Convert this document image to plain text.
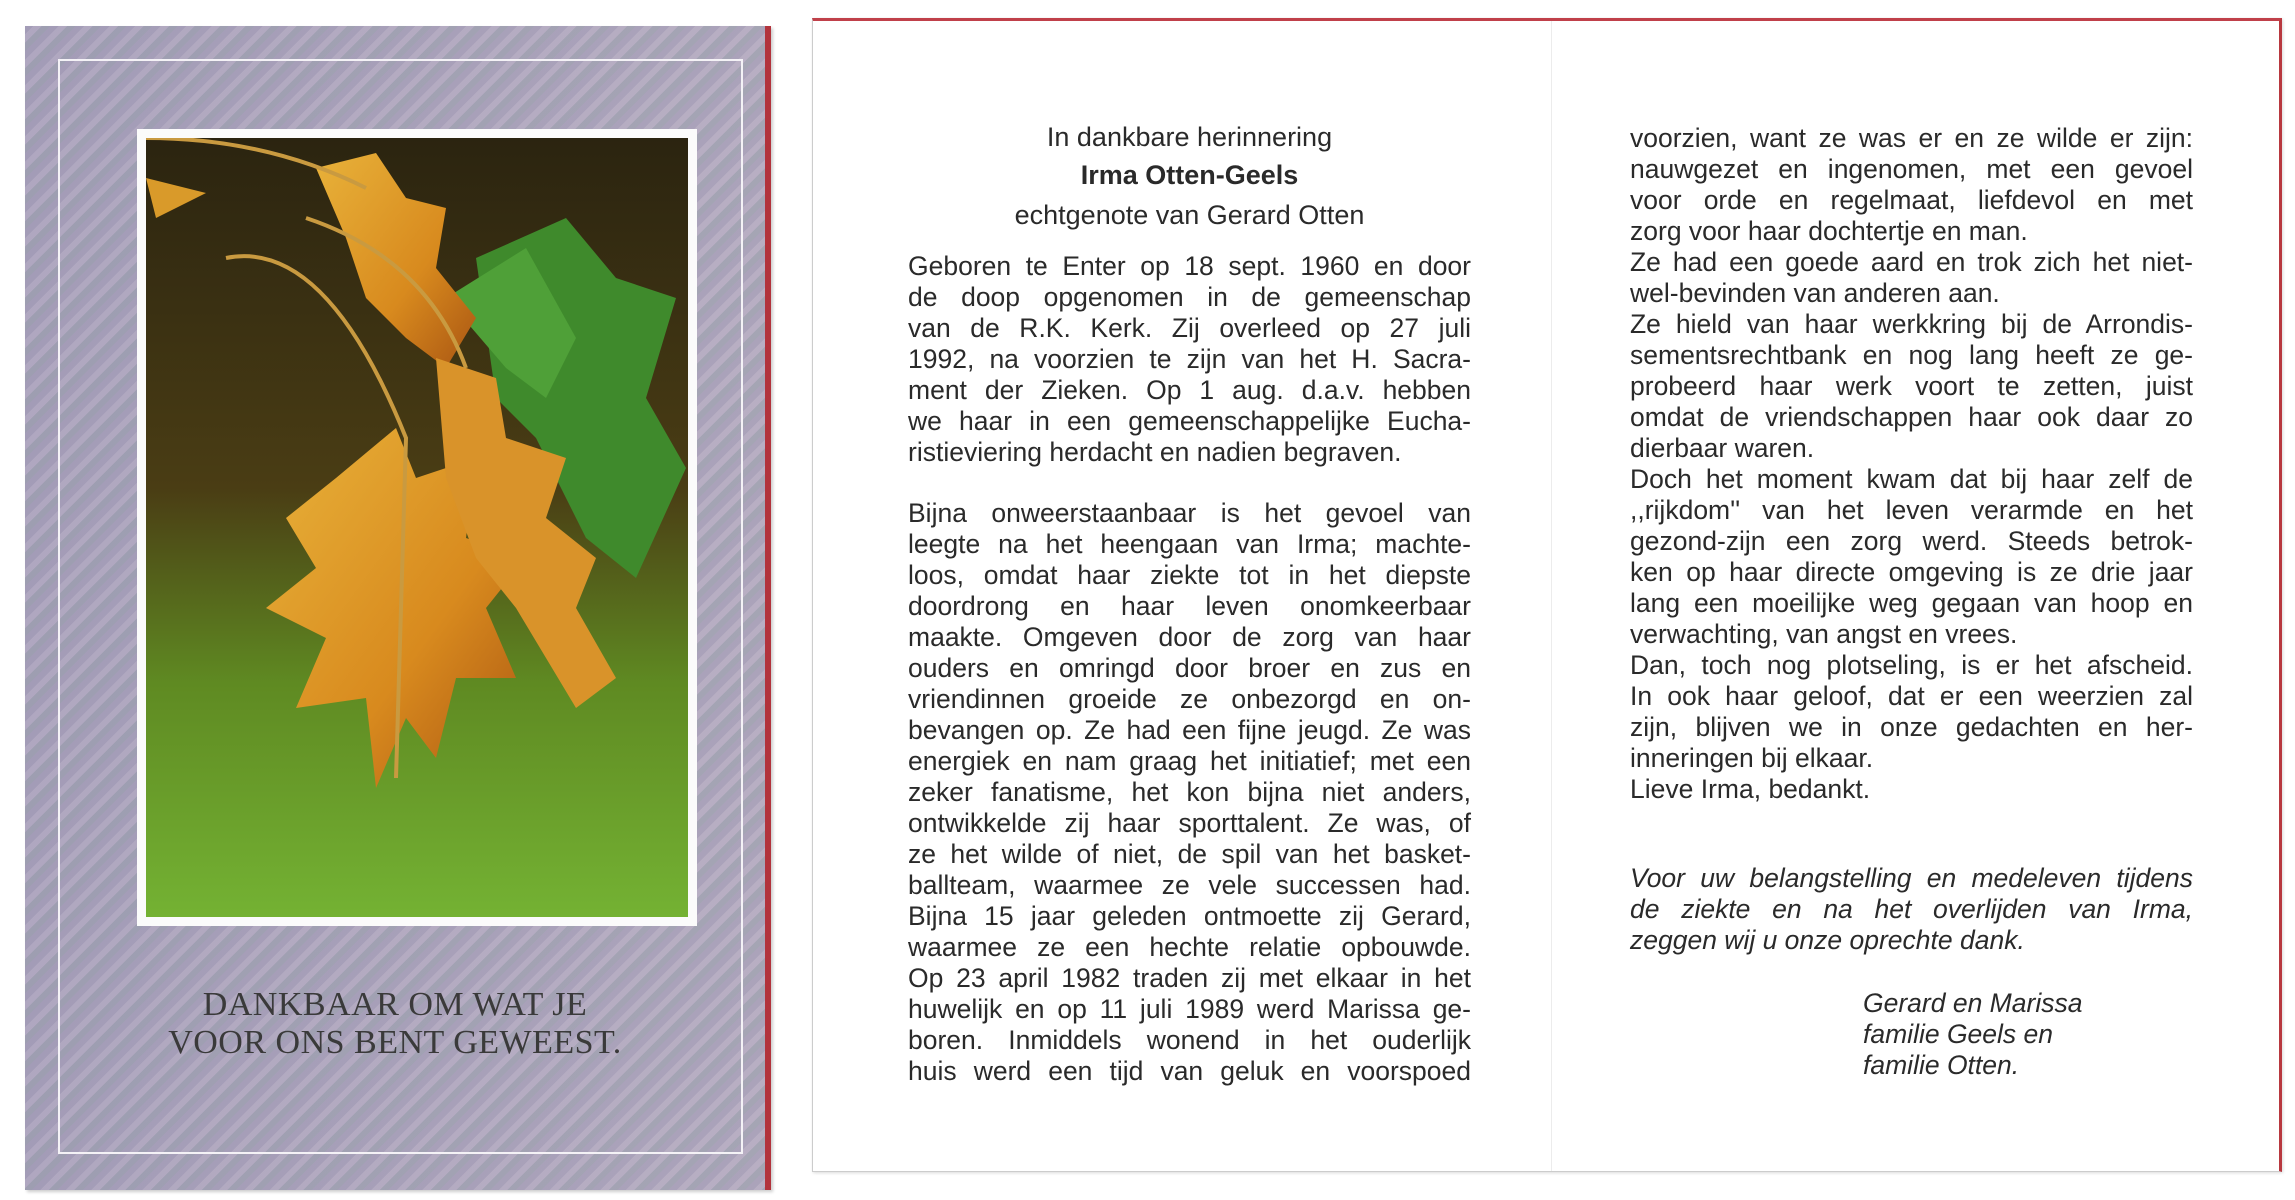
DANKBAAR OM WAT JE
VOOR ONS BENT GEWEEST.
In dankbare herinnering
Irma Otten-Geels
echtgenote van Gerard Otten
Geboren te Enter op 18 sept. 1960 en door
de doop opgenomen in de gemeenschap
van de R.K. Kerk. Zij overleed op 27 juli
1992, na voorzien te zijn van het H. Sacra-
ment der Zieken. Op 1 aug. d.a.v. hebben
we haar in een gemeenschappelijke Eucha-
ristieviering herdacht en nadien begraven.
Bijna onweerstaanbaar is het gevoel van
leegte na het heengaan van Irma; machte-
loos, omdat haar ziekte tot in het diepste
doordrong en haar leven onomkeerbaar
maakte. Omgeven door de zorg van haar
ouders en omringd door broer en zus en
vriendinnen groeide ze onbezorgd en on-
bevangen op. Ze had een fijne jeugd. Ze was
energiek en nam graag het initiatief; met een
zeker fanatisme, het kon bijna niet anders,
ontwikkelde zij haar sporttalent. Ze was, of
ze het wilde of niet, de spil van het basket-
ballteam, waarmee ze vele successen had.
Bijna 15 jaar geleden ontmoette zij Gerard,
waarmee ze een hechte relatie opbouwde.
Op 23 april 1982 traden zij met elkaar in het
huwelijk en op 11 juli 1989 werd Marissa ge-
boren. Inmiddels wonend in het ouderlijk
huis werd een tijd van geluk en voorspoed
voorzien, want ze was er en ze wilde er zijn:
nauwgezet en ingenomen, met een gevoel
voor orde en regelmaat, liefdevol en met
zorg voor haar dochtertje en man.
Ze had een goede aard en trok zich het niet-
wel-bevinden van anderen aan.
Ze hield van haar werkkring bij de Arrondis-
sementsrechtbank en nog lang heeft ze ge-
probeerd haar werk voort te zetten, juist
omdat de vriendschappen haar ook daar zo
dierbaar waren.
Doch het moment kwam dat bij haar zelf de
,,rijkdom'' van het leven verarmde en het
gezond-zijn een zorg werd. Steeds betrok-
ken op haar directe omgeving is ze drie jaar
lang een moeilijke weg gegaan van hoop en
verwachting, van angst en vrees.
Dan, toch nog plotseling, is er het afscheid.
In ook haar geloof, dat er een weerzien zal
zijn, blijven we in onze gedachten en her-
inneringen bij elkaar.
Lieve Irma, bedankt.
Voor uw belangstelling en medeleven tijdens
de ziekte en na het overlijden van Irma,
zeggen wij u onze oprechte dank.
Gerard en Marissa
familie Geels en
familie Otten.
